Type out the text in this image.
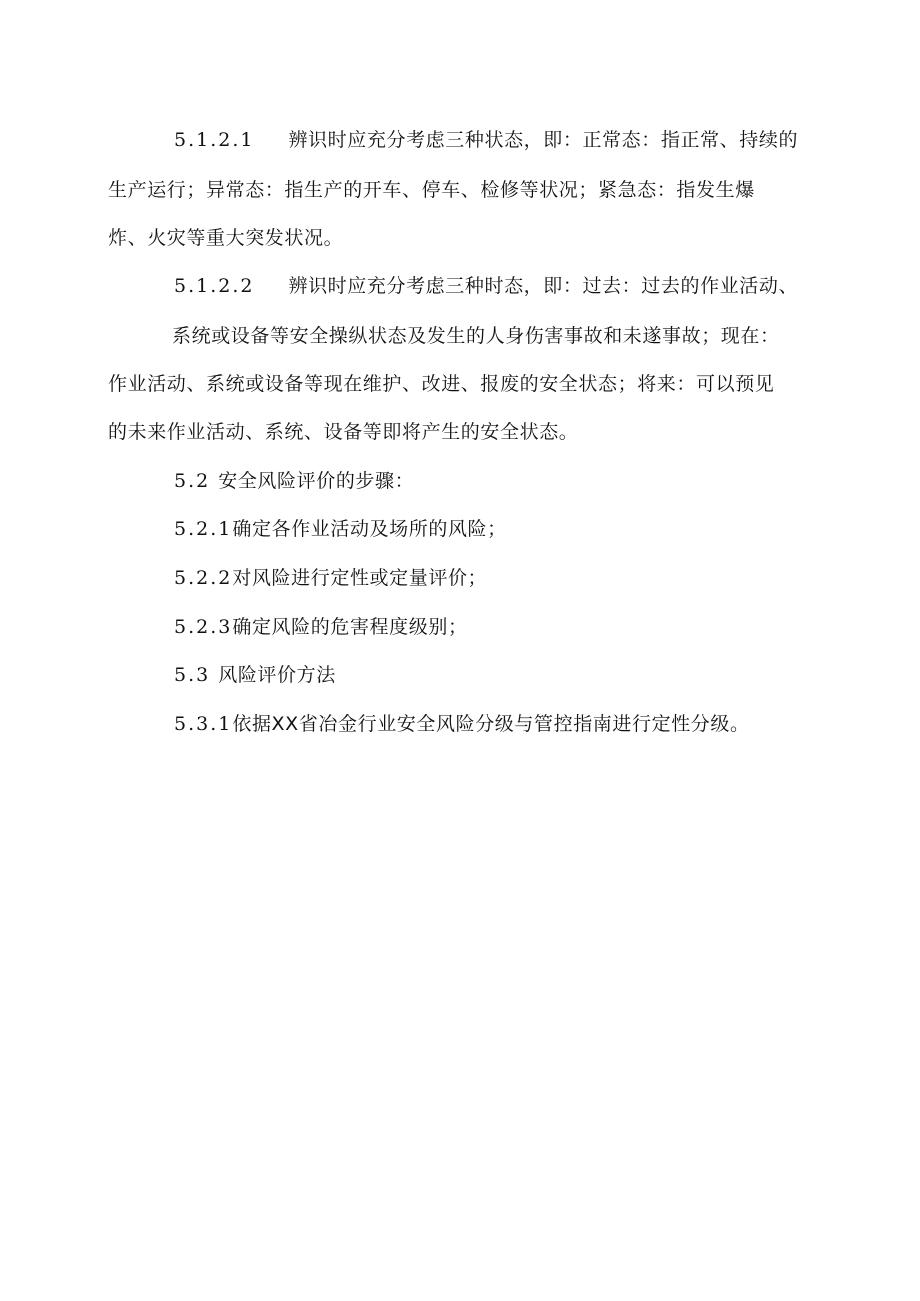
5.1.2.1 辨识时应充分考虑三种状态，即：正常态：指正常、持续的
生产运行；异常态：指生产的开车、停车、检修等状况；紧急态：指发生爆
炸、火灾等重大突发状况。
5.1.2.2 辨识时应充分考虑三种时态，即：过去：过去的作业活动、
系统或设备等安全操纵状态及发生的人身伤害事故和未遂事故；现在：
作业活动、系统或设备等现在维护、改进、报废的安全状态；将来：可以预见
的未来作业活动、系统、设备等即将产生的安全状态。
5.2 安全风险评价的步骤：
5.2.1确定各作业活动及场所的风险；
5.2.2对风险进行定性或定量评价；
5.2.3确定风险的危害程度级别；
5.3 风险评价方法
5.3.1依据XX省冶金行业安全风险分级与管控指南进行定性分级。
